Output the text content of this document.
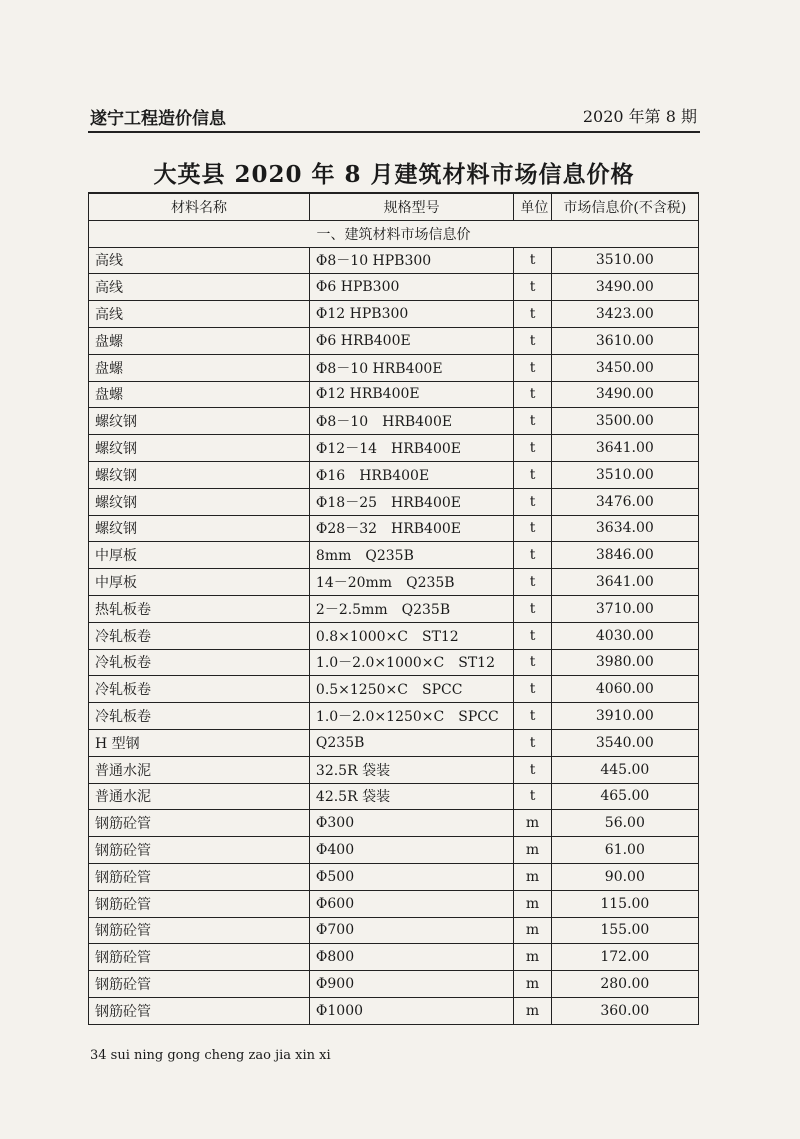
遂宁工程造价信息	2020 年第 8 期
大英县 2020 年 8 月建筑材料市场信息价格
材料名称	规格型号	单位	市场信息价(不含税)
一、建筑材料市场信息价			
高线	Φ8－10 HPB300	t	3510.00
高线	Φ6 HPB300	t	3490.00
高线	Φ12 HPB300	t	3423.00
盘螺	Φ6 HRB400E	t	3610.00
盘螺	Φ8－10 HRB400E	t	3450.00
盘螺	Φ12 HRB400E	t	3490.00
螺纹钢	Φ8－10　HRB400E	t	3500.00
螺纹钢	Φ12－14　HRB400E	t	3641.00
螺纹钢	Φ16　HRB400E	t	3510.00
螺纹钢	Φ18－25　HRB400E	t	3476.00
螺纹钢	Φ28－32　HRB400E	t	3634.00
中厚板	8mm　Q235B	t	3846.00
中厚板	14－20mm　Q235B	t	3641.00
热轧板卷	2－2.5mm　Q235B	t	3710.00
冷轧板卷	0.8×1000×C　ST12	t	4030.00
冷轧板卷	1.0－2.0×1000×C　ST12	t	3980.00
冷轧板卷	0.5×1250×C　SPCC	t	4060.00
冷轧板卷	1.0－2.0×1250×C　SPCC	t	3910.00
H 型钢	Q235B	t	3540.00
普通水泥	32.5R 袋装	t	445.00
普通水泥	42.5R 袋装	t	465.00
钢筋砼管	Φ300	m	56.00
钢筋砼管	Φ400	m	61.00
钢筋砼管	Φ500	m	90.00
钢筋砼管	Φ600	m	115.00
钢筋砼管	Φ700	m	155.00
钢筋砼管	Φ800	m	172.00
钢筋砼管	Φ900	m	280.00
钢筋砼管	Φ1000	m	360.00
34 sui ning gong cheng zao jia xin xi
